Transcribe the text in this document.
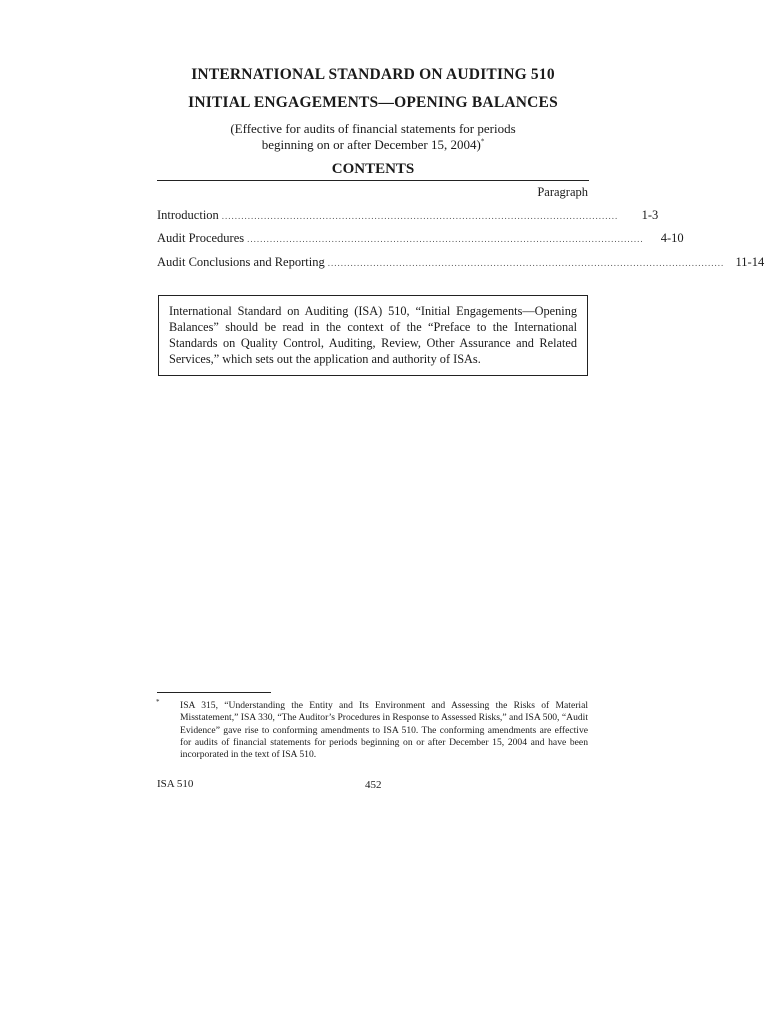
INTERNATIONAL STANDARD ON AUDITING 510
INITIAL ENGAGEMENTS—OPENING BALANCES
(Effective for audits of financial statements for periods
beginning on or after December 15, 2004)*
CONTENTS
Paragraph
Introduction ..........................................................................................................................	1-3
Audit Procedures ..........................................................................................................................	4-10
Audit Conclusions and Reporting .......................................................................................................................... 11-14
International Standard on Auditing (ISA) 510, “Initial Engagements—Opening Balances” should be read in the context of the “Preface to the International Standards on Quality Control, Auditing, Review, Other Assurance and Related Services,” which sets out the application and authority of ISAs.
* ISA 315, “Understanding the Entity and Its Environment and Assessing the Risks of Material Misstatement,” ISA 330, “The Auditor’s Procedures in Response to Assessed Risks,” and ISA 500, “Audit Evidence” gave rise to conforming amendments to ISA 510. The conforming amendments are effective for audits of financial statements for periods beginning on or after December 15, 2004 and have been incorporated in the text of ISA 510.
ISA 510	452
